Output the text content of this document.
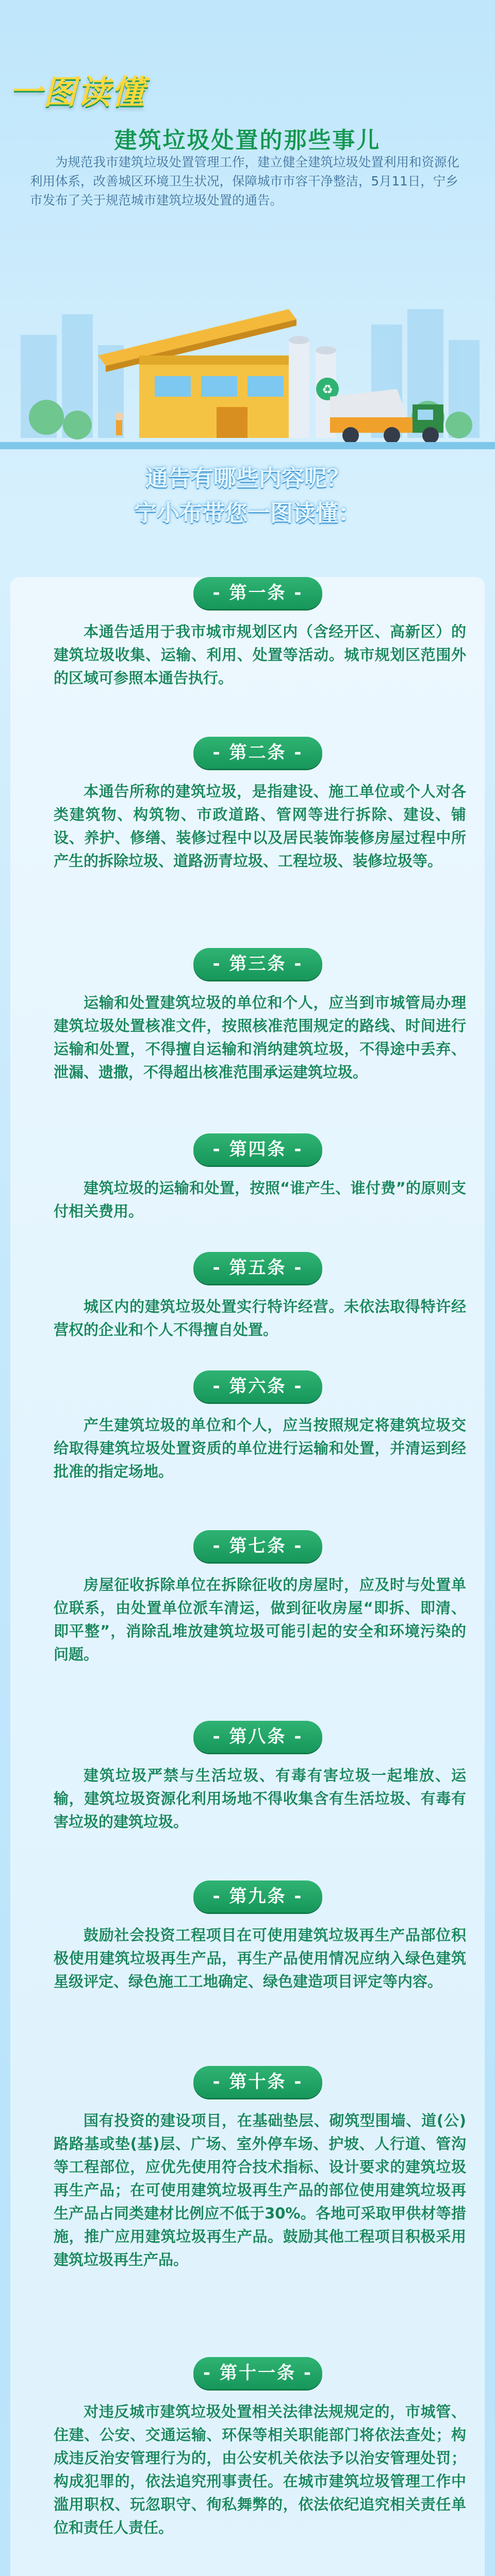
一图读懂
建筑垃圾处置的那些事儿
为规范我市建筑垃圾处置管理工作，建立健全建筑垃圾处置利用和资源化利用体系，改善城区环境卫生状况，保障城市市容干净整洁，5月11日，宁乡市发布了关于规范城市建筑垃圾处置的通告。
♻
通告有哪些内容呢？
宁小布带您一图读懂：
- 第一条 -
本通告适用于我市城市规划区内（含经开区、高新区）的建筑垃圾收集、运输、利用、处置等活动。城市规划区范围外的区域可参照本通告执行。
- 第二条 -
本通告所称的建筑垃圾，是指建设、施工单位或个人对各类建筑物、构筑物、市政道路、管网等进行拆除、建设、铺设、养护、修缮、装修过程中以及居民装饰装修房屋过程中所产生的拆除垃圾、道路沥青垃圾、工程垃圾、装修垃圾等。
- 第三条 -
运输和处置建筑垃圾的单位和个人，应当到市城管局办理建筑垃圾处置核准文件，按照核准范围规定的路线、时间进行运输和处置，不得擅自运输和消纳建筑垃圾，不得途中丢弃、泄漏、遗撒，不得超出核准范围承运建筑垃圾。
- 第四条 -
建筑垃圾的运输和处置，按照“谁产生、谁付费”的原则支付相关费用。
- 第五条 -
城区内的建筑垃圾处置实行特许经营。未依法取得特许经营权的企业和个人不得擅自处置。
- 第六条 -
产生建筑垃圾的单位和个人，应当按照规定将建筑垃圾交给取得建筑垃圾处置资质的单位进行运输和处置，并清运到经批准的指定场地。
- 第七条 -
房屋征收拆除单位在拆除征收的房屋时，应及时与处置单位联系，由处置单位派车清运，做到征收房屋“即拆、即清、即平整”，消除乱堆放建筑垃圾可能引起的安全和环境污染的问题。
- 第八条 -
建筑垃圾严禁与生活垃圾、有毒有害垃圾一起堆放、运输，建筑垃圾资源化利用场地不得收集含有生活垃圾、有毒有害垃圾的建筑垃圾。
- 第九条 -
鼓励社会投资工程项目在可使用建筑垃圾再生产品部位积极使用建筑垃圾再生产品，再生产品使用情况应纳入绿色建筑星级评定、绿色施工工地确定、绿色建造项目评定等内容。
- 第十条 -
国有投资的建设项目，在基础垫层、砌筑型围墙、道(公)路路基或垫(基)层、广场、室外停车场、护坡、人行道、管沟等工程部位，应优先使用符合技术指标、设计要求的建筑垃圾再生产品；在可使用建筑垃圾再生产品的部位使用建筑垃圾再生产品占同类建材比例应不低于30%。各地可采取甲供材等措施，推广应用建筑垃圾再生产品。鼓励其他工程项目积极采用建筑垃圾再生产品。
- 第十一条 -
对违反城市建筑垃圾处置相关法律法规规定的，市城管、住建、公安、交通运输、环保等相关职能部门将依法查处；构成违反治安管理行为的，由公安机关依法予以治安管理处罚；构成犯罪的，依法追究刑事责任。在城市建筑垃圾管理工作中滥用职权、玩忽职守、徇私舞弊的，依法依纪追究相关责任单位和责任人责任。
